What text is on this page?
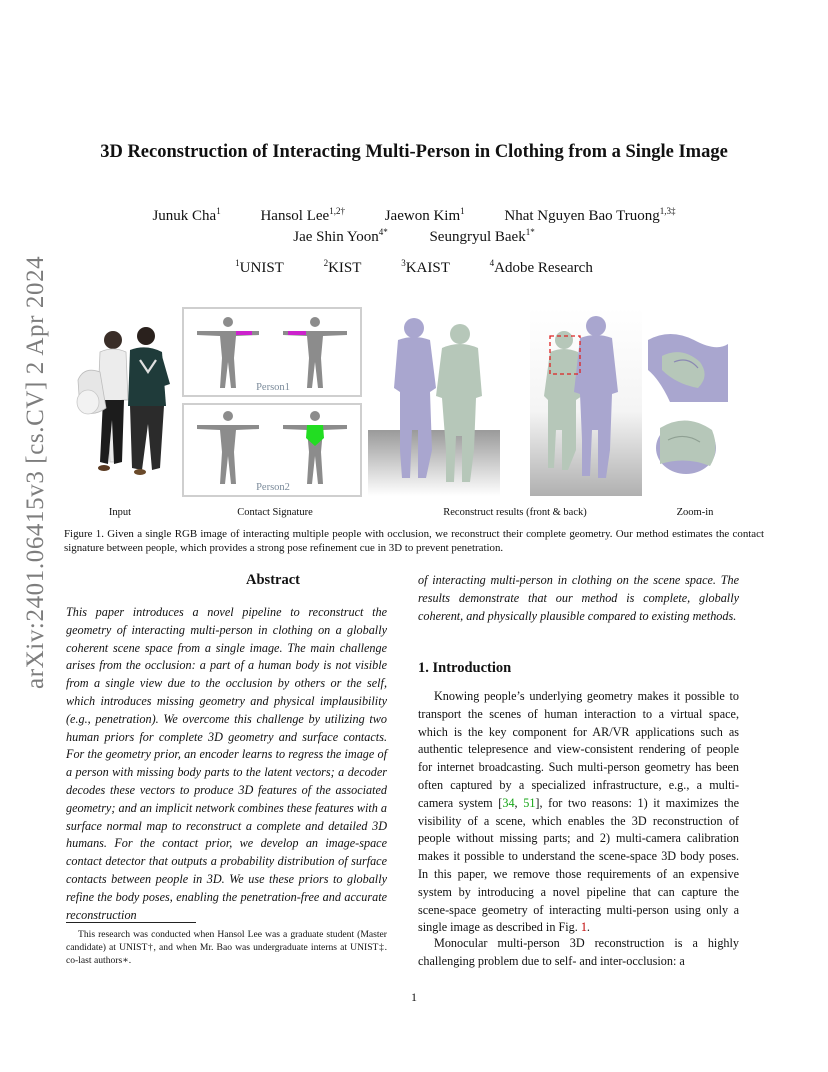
arXiv:2401.06415v3 [cs.CV] 2 Apr 2024
3D Reconstruction of Interacting Multi-Person in Clothing from a Single Image
Junuk Cha$^1$	Hansol Lee$^{1,2\dagger}$	Jaewon Kim$^1$	Nhat Nguyen Bao Truong$^{1,3\ddagger}$
Jae Shin Yoon$^{4*}$	Seungryul Baek$^{1*}$
$^1$UNIST	$^2$KIST	$^3$KAIST	$^4$Adobe Research
Person1
Person2
Input	Contact Signature	Reconstruct results (front & back)	Zoom-in
Figure 1. Given a single RGB image of interacting multiple people with occlusion, we reconstruct their complete geometry. Our method estimates the contact signature between people, which provides a strong pose refinement cue in 3D to prevent penetration.
Abstract
This paper introduces a novel pipeline to reconstruct the geometry of interacting multi-person in clothing on a globally coherent scene space from a single image. The main challenge arises from the occlusion: a part of a human body is not visible from a single view due to the occlusion by others or the self, which introduces missing geometry and physical implausibility (e.g., penetration). We overcome this challenge by utilizing two human priors for complete 3D geometry and surface contacts. For the geometry prior, an encoder learns to regress the image of a person with missing body parts to the latent vectors; a decoder decodes these vectors to produce 3D features of the associated geometry; and an implicit network combines these features with a surface normal map to reconstruct a complete and detailed 3D humans. For the contact prior, we develop an image-space contact detector that outputs a probability distribution of surface contacts between people in 3D. We use these priors to globally refine the body poses, enabling the penetration-free and accurate reconstruction
This research was conducted when Hansol Lee was a graduate student (Master candidate) at UNIST†, and when Mr. Bao was undergraduate interns at UNIST‡. co-last authors∗.
of interacting multi-person in clothing on the scene space. The results demonstrate that our method is complete, globally coherent, and physically plausible compared to existing methods.
1. Introduction
Knowing people’s underlying geometry makes it possible to transport the scenes of human interaction to a virtual space, which is the key component for AR/VR applications such as authentic telepresence and view-consistent rendering of people for internet broadcasting. Such multi-person geometry has been often captured by a specialized infrastructure, e.g., a multi-camera system [34, 51], for two reasons: 1) it maximizes the visibility of a scene, which enables the 3D reconstruction of people without missing parts; and 2) multi-camera calibration makes it possible to understand the scene-space 3D body poses. In this paper, we remove those requirements of an expensive system by introducing a novel pipeline that can capture the scene-space geometry of interacting multi-person using only a single image as described in Fig. 1.
Monocular multi-person 3D reconstruction is a highly challenging problem due to self- and inter-occlusion: a
1
